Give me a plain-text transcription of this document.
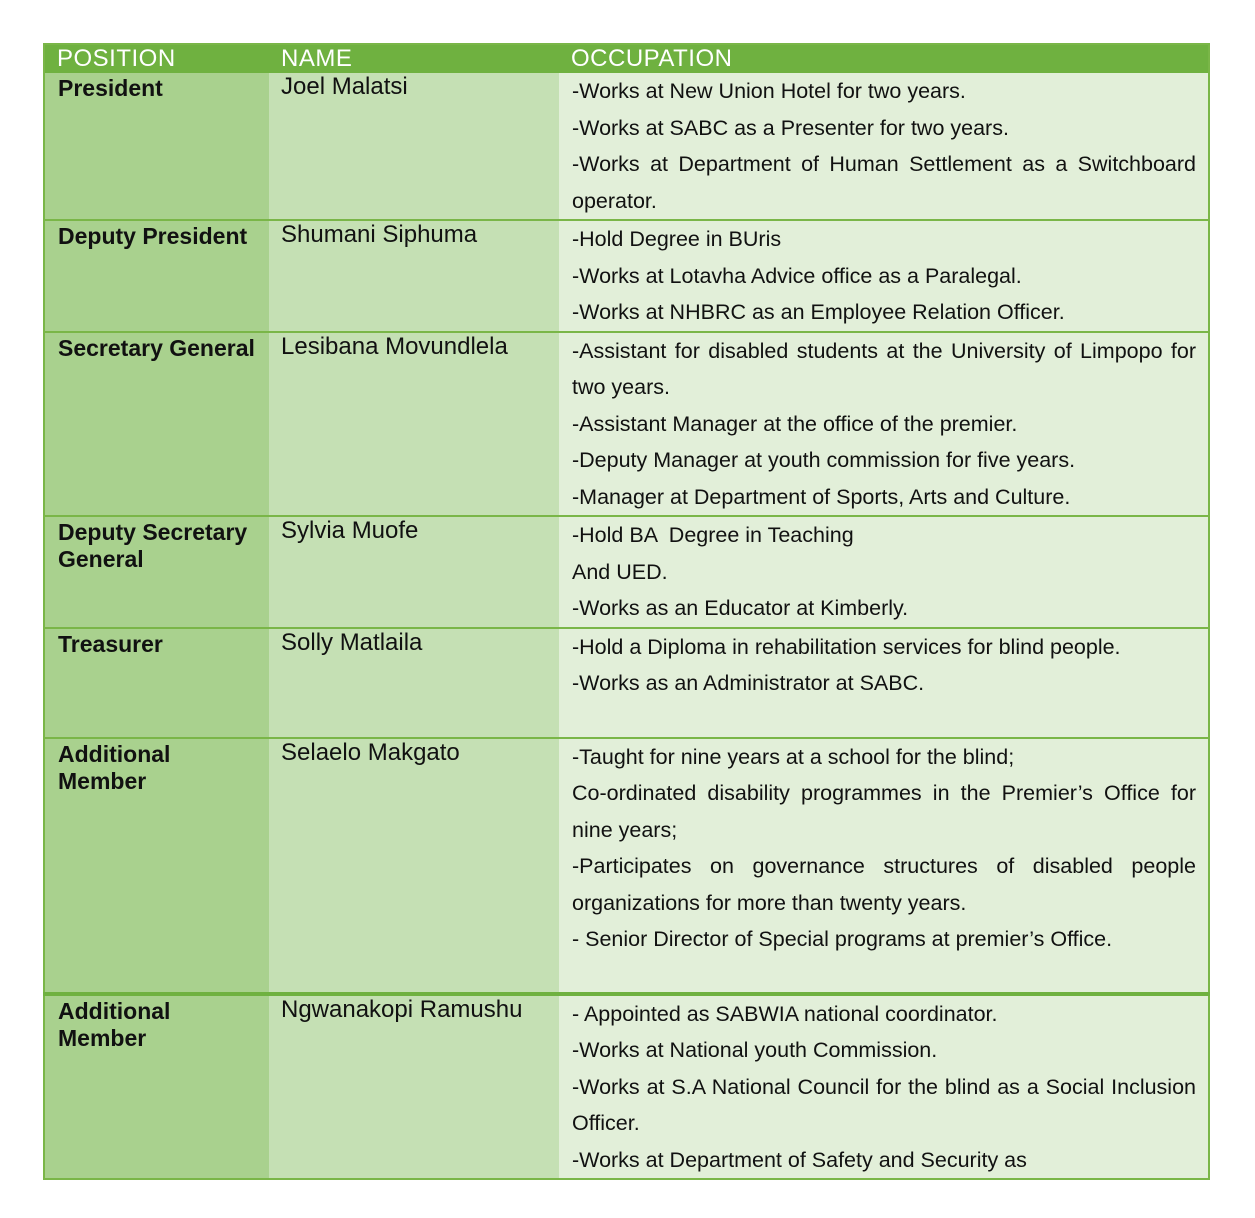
POSITION	NAME	OCCUPATION
President	Joel Malatsi	-Works at New Union Hotel for two years.

-Works at SABC as a Presenter for two years.

-Works at Department of Human Settlement as a Switchboard operator.

Deputy President	Shumani Siphuma	-Hold Degree in BUris

-Works at Lotavha Advice office as a Paralegal.

-Works at NHBRC as an Employee Relation Officer.

Secretary General	Lesibana Movundlela	-Assistant for disabled students at the University of Limpopo for two years.

-Assistant Manager at the office of the premier.

-Deputy Manager at youth commission for five years.

-Manager at Department of Sports, Arts and Culture.

Deputy Secretary General	Sylvia Muofe	-Hold BA  Degree in Teaching

And UED.

-Works as an Educator at Kimberly.

Treasurer	Solly Matlaila	-Hold a Diploma in rehabilitation services for blind people.

-Works as an Administrator at SABC.

Additional Member	Selaelo Makgato	-Taught for nine years at a school for the blind;

Co-ordinated disability programmes in the Premier’s Office for nine years;

-Participates on governance structures of disabled people organizations for more than twenty years.

- Senior Director of Special programs at premier’s Office.

Additional Member	Ngwanakopi Ramushu	- Appointed as SABWIA national coordinator.

-Works at National youth Commission.

-Works at S.A National Council for the blind as a Social Inclusion Officer.

-Works at Department of Safety and Security as
